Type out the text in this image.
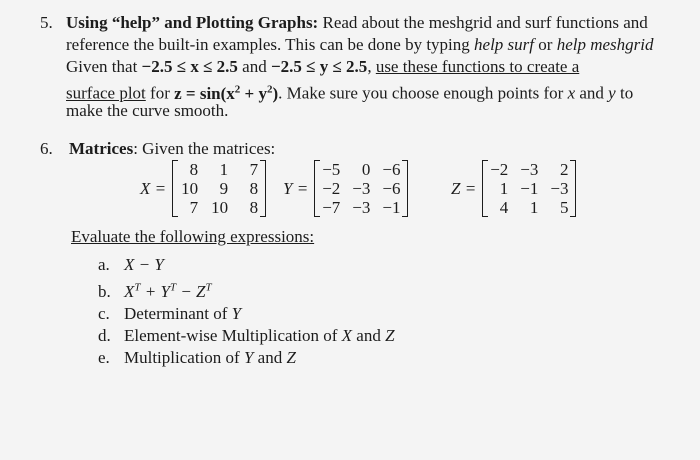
5. Using “help” and Plotting Graphs: Read about the meshgrid and surf functions and
reference the built-in examples. This can be done by typing help surf or help meshgrid
Given that −2.5 ≤ x ≤ 2.5 and −2.5 ≤ y ≤ 2.5, use these functions to create a
surface plot for $z = \sin(x^2 + y^2)$. Make sure you choose enough points for x and y to
make the curve smooth.
6. Matrices: Given the matrices:
X =
8	1	7
10	9	8
7 10	8
Y =
−5	0 −6
−2 −3 −6
−7 −3 −1
Z =
−2 −3	2
1 −1 −3
4	1	5
Evaluate the following expressions:
a. X − Y
b. $X^T + Y^T - Z^T$
c. Determinant of Y
d. Element-wise Multiplication of X and Z
e. Multiplication of Y and Z
